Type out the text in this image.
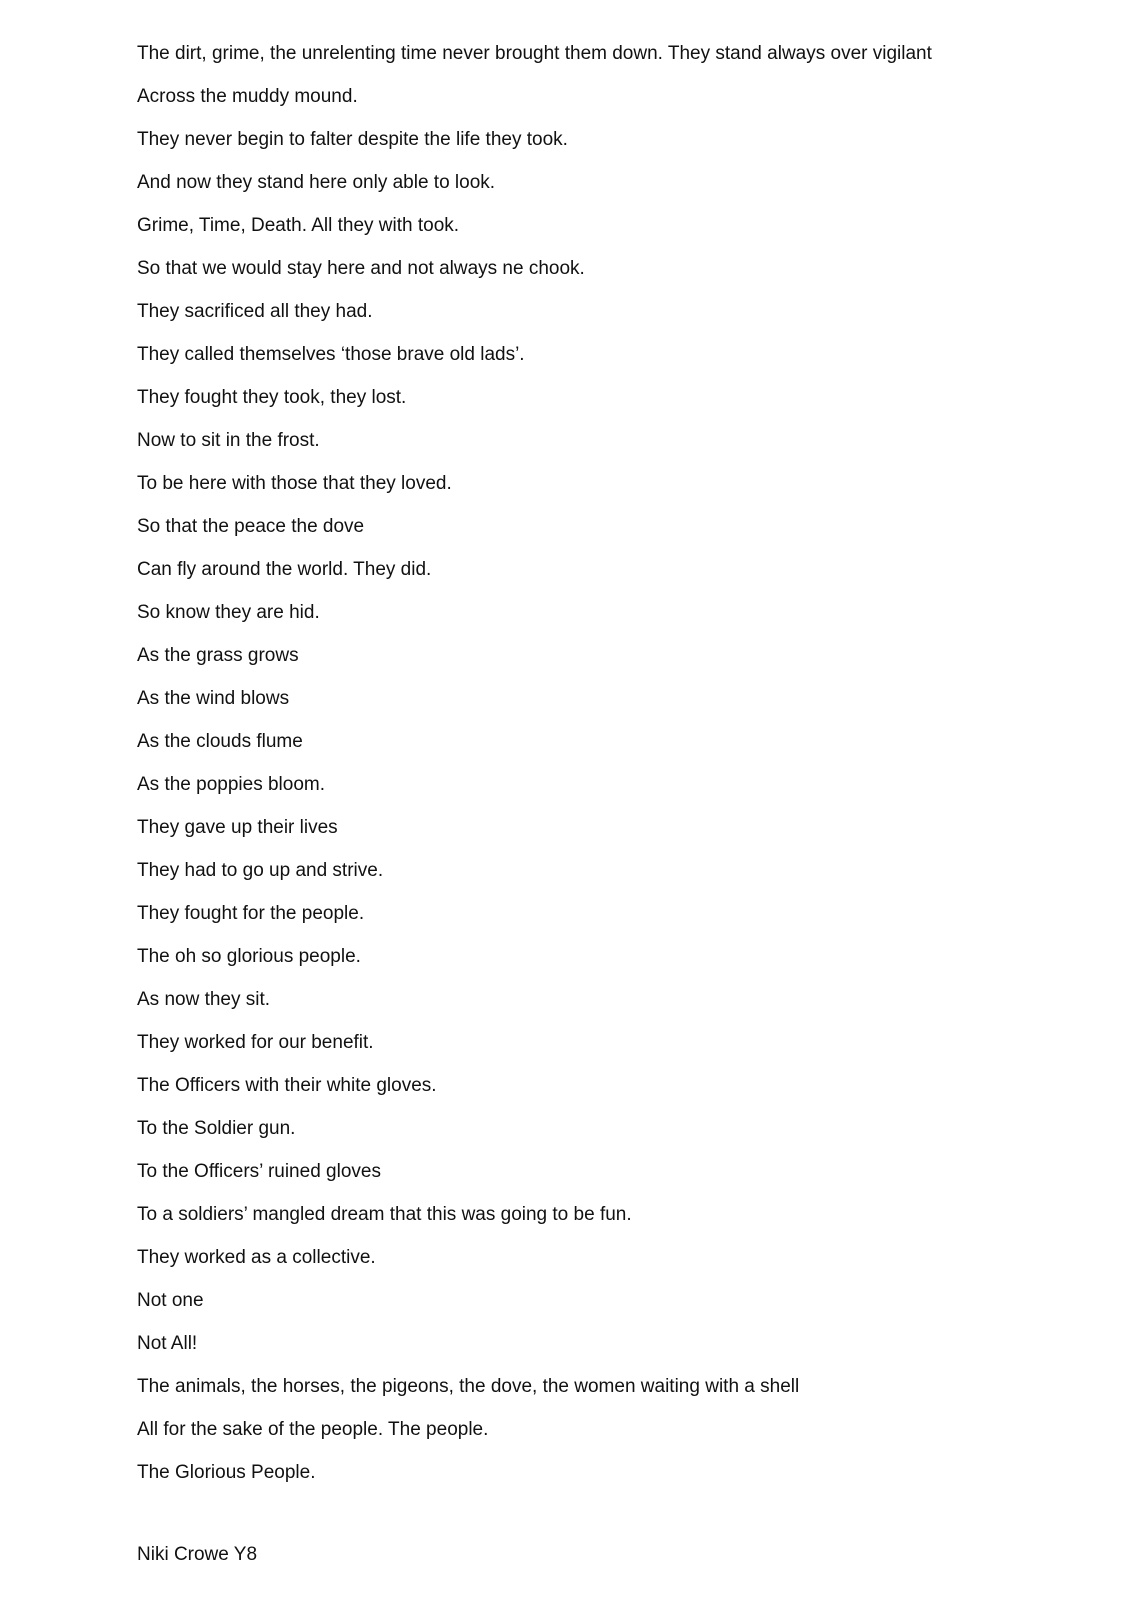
The dirt, grime, the unrelenting time never brought them down. They stand always over vigilant
Across the muddy mound.
They never begin to falter despite the life they took.
And now they stand here only able to look.
Grime, Time, Death. All they with took.
So that we would stay here and not always ne chook.
They sacrificed all they had.
They called themselves ‘those brave old lads’.
They fought they took, they lost.
Now to sit in the frost.
To be here with those that they loved.
So that the peace the dove
Can fly around the world. They did.
So know they are hid.
As the grass grows
As the wind blows
As the clouds flume
As the poppies bloom.
They gave up their lives
They had to go up and strive.
They fought for the people.
The oh so glorious people.
As now they sit.
They worked for our benefit.
The Officers with their white gloves.
To the Soldier gun.
To the Officers’ ruined gloves
To a soldiers’ mangled dream that this was going to be fun.
They worked as a collective.
Not one
Not All!
The animals, the horses, the pigeons, the dove, the women waiting with a shell
All for the sake of the people. The people.
The Glorious People.
Niki Crowe Y8
